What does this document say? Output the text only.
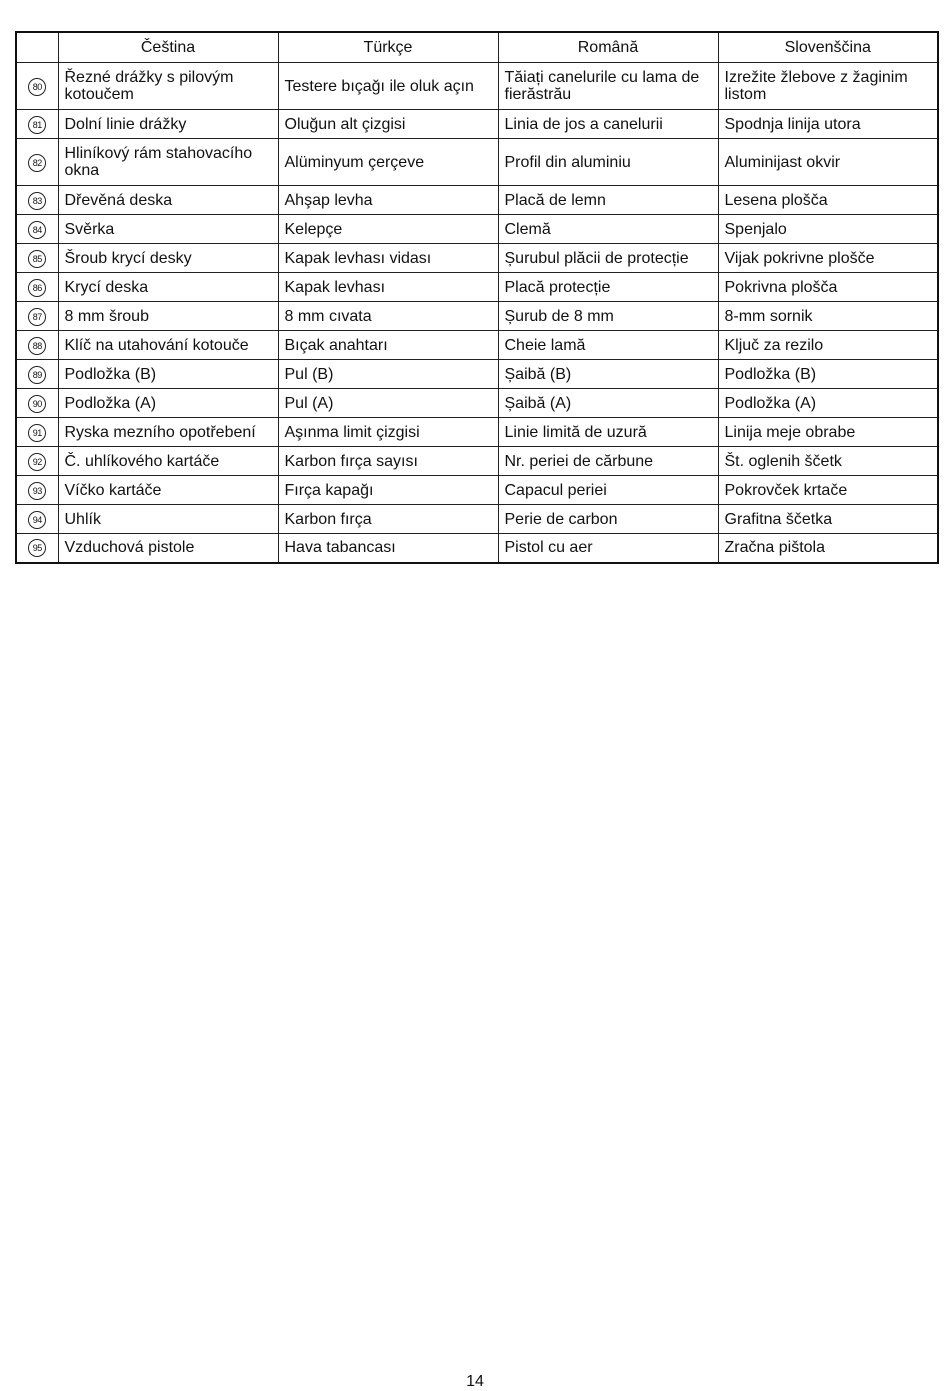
	Čeština	Türkçe	Română	Slovenščina
80	Řezné drážky s pilovým kotoučem	Testere bıçağı ile oluk açın	Tăiați canelurile cu lama de fierăstrău	Izrežite žlebove z žaginim listom
81	Dolní linie drážky	Oluğun alt çizgisi	Linia de jos a canelurii	Spodnja linija utora
82	Hliníkový rám stahovacího okna	Alüminyum çerçeve	Profil din aluminiu	Aluminijast okvir
83	Dřevěná deska	Ahşap levha	Placă de lemn	Lesena plošča
84	Svěrka	Kelepçe	Clemă	Spenjalo
85	Šroub krycí desky	Kapak levhası vidası	Șurubul plăcii de protecție	Vijak pokrivne plošče
86	Krycí deska	Kapak levhası	Placă protecție	Pokrivna plošča
87	8 mm šroub	8 mm cıvata	Șurub de 8 mm	8-mm sornik
88	Klíč na utahování kotouče	Bıçak anahtarı	Cheie lamă	Ključ za rezilo
89	Podložka (B)	Pul (B)	Șaibă (B)	Podložka (B)
90	Podložka (A)	Pul (A)	Șaibă (A)	Podložka (A)
91	Ryska mezního opotřebení	Aşınma limit çizgisi	Linie limită de uzură	Linija meje obrabe
92	Č. uhlíkového kartáče	Karbon fırça sayısı	Nr. periei de cărbune	Št. oglenih ščetk
93	Víčko kartáče	Fırça kapağı	Capacul periei	Pokrovček krtače
94	Uhlík	Karbon fırça	Perie de carbon	Grafitna ščetka
95	Vzduchová pistole	Hava tabancası	Pistol cu aer	Zračna pištola
14
